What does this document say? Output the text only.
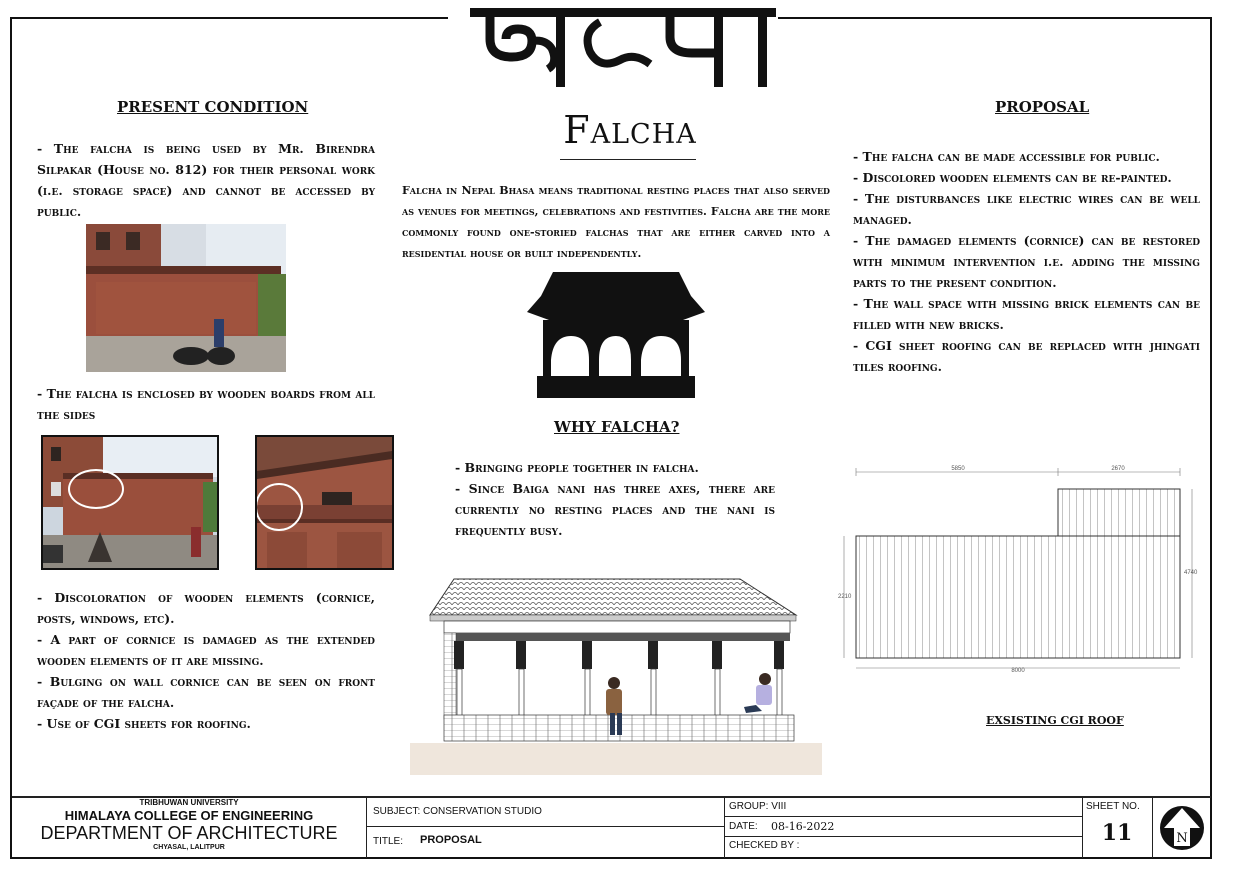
Falcha
Falcha in Nepal Bhasa means traditional resting places that also served as venues for meetings, celebrations and festivities. Falcha are the more commonly found one-storied falchas that are either carved into a residential house or built independently.
PRESENT CONDITION
- The falcha is being used by Mr. Birendra Silpakar (House no. 812) for their personal work (i.e. storage space) and cannot be accessed by public.
- The falcha is enclosed by wooden boards from all the sides
- Discoloration of wooden elements (cornice, posts, windows, etc).
- A part of cornice is damaged as the extended wooden elements of it are missing.
- Bulging on wall cornice can be seen on front façade of the falcha.
- Use of CGI sheets for roofing.
WHY FALCHA?
- Bringing people together in falcha.
- Since Baiga nani has three axes, there are currently no resting places and the nani is frequently busy.
PROPOSAL
- The falcha can be made accessible for public.
- Discolored wooden elements can be re-painted.
- The disturbances like electric wires can be well managed.
- The damaged elements (cornice) can be restored with minimum intervention i.e. adding the missing parts to the present condition.
- The wall space with missing brick elements can be filled with new bricks.
- CGI sheet roofing can be replaced with jhingati tiles roofing.
5850	2670
2210
4740
8000
EXSISTING CGI ROOF
TRIBHUWAN UNIVERSITY
HIMALAYA COLLEGE OF ENGINEERING
DEPARTMENT OF ARCHITECTURE
CHYASAL, LALITPUR
SUBJECT: CONSERVATION STUDIO
TITLE: PROPOSAL
GROUP: VIII
DATE: 08-16-2022
CHECKED BY :
SHEET NO.
11	N
